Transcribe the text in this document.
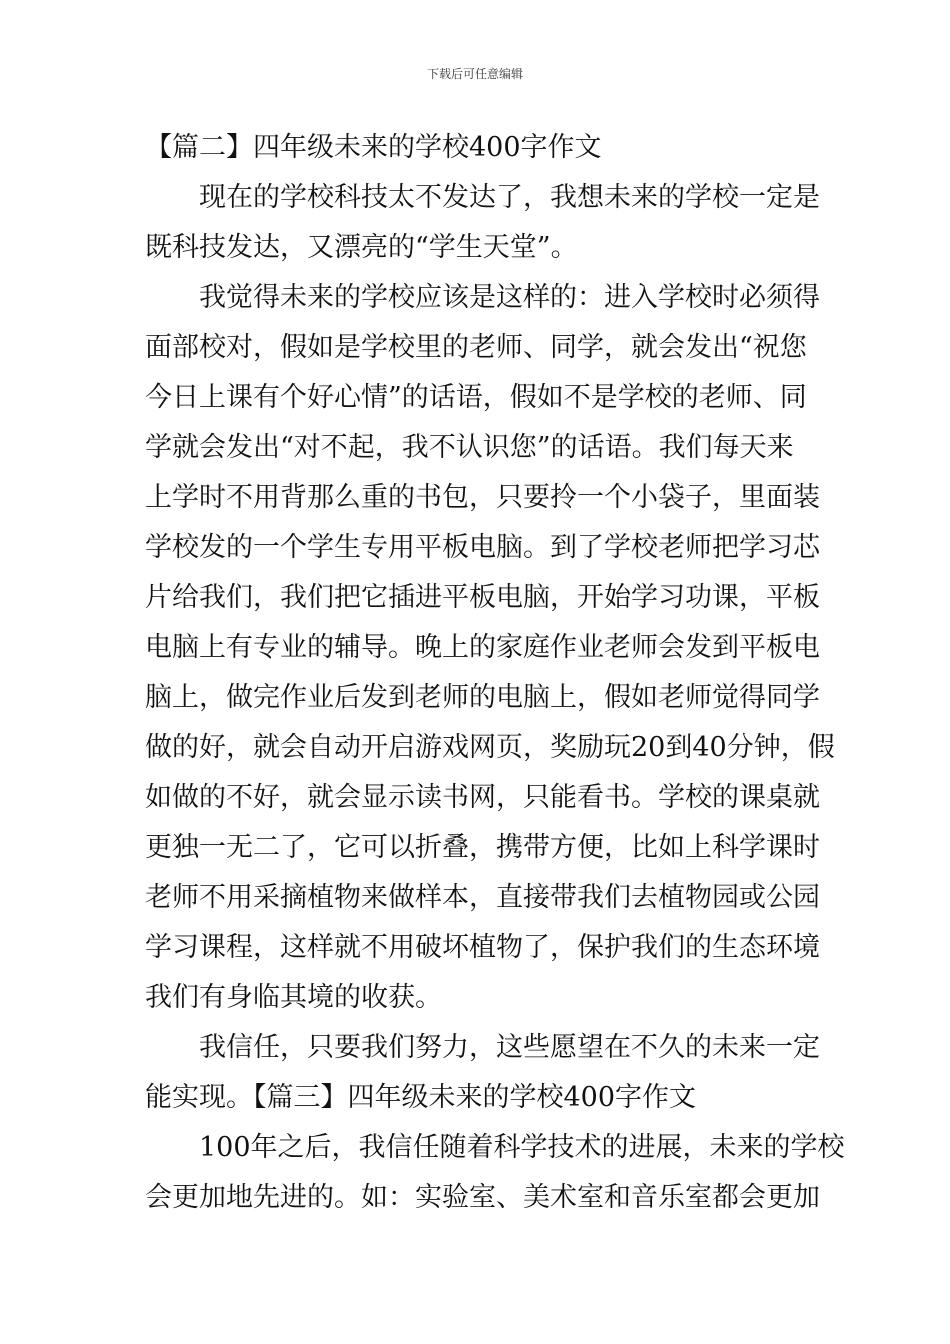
下载后可任意编辑
【篇二】四年级未来的学校400字作文
现在的学校科技太不发达了，我想未来的学校一定是
既科技发达，又漂亮的“学生天堂”。
我觉得未来的学校应该是这样的：进入学校时必须得
面部校对，假如是学校里的老师、同学，就会发出“祝您
今日上课有个好心情”的话语，假如不是学校的老师、同
学就会发出“对不起，我不认识您”的话语。我们每天来
上学时不用背那么重的书包，只要拎一个小袋子，里面装
学校发的一个学生专用平板电脑。到了学校老师把学习芯
片给我们，我们把它插进平板电脑，开始学习功课，平板
电脑上有专业的辅导。晚上的家庭作业老师会发到平板电
脑上，做完作业后发到老师的电脑上，假如老师觉得同学
做的好，就会自动开启游戏网页，奖励玩20到40分钟，假
如做的不好，就会显示读书网，只能看书。学校的课桌就
更独一无二了，它可以折叠，携带方便，比如上科学课时
老师不用采摘植物来做样本，直接带我们去植物园或公园
学习课程，这样就不用破坏植物了，保护我们的生态环境
我们有身临其境的收获。
我信任，只要我们努力，这些愿望在不久的未来一定
能实现。【篇三】四年级未来的学校400字作文
100年之后，我信任随着科学技术的进展，未来的学校
会更加地先进的。如：实验室、美术室和音乐室都会更加
